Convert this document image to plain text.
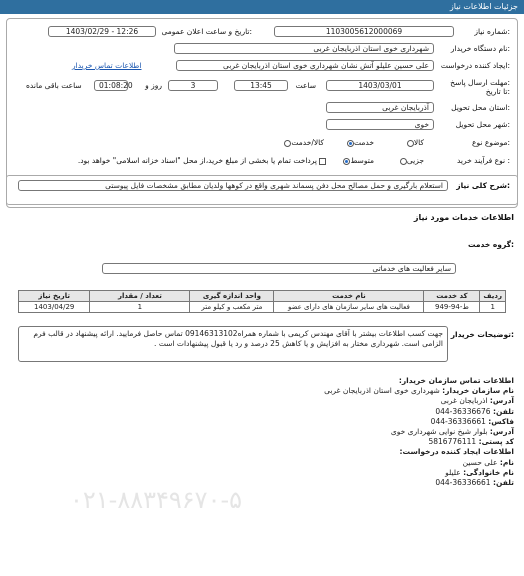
جزئیات اطلاعات نیاز
شماره نیاز:
1103005612000069
تاریخ و ساعت اعلان عمومی:
1403/02/29 - 12:26
نام دستگاه خریدار:
شهرداری خوی استان اذربایجان غربی
ایجاد کننده درخواست:
علی حسین علیلو آتش نشان شهرداری خوی استان اذربایجان غربی
اطلاعات تماس خریدار
مهلت ارسال پاسخ:
تا تاریخ:
1403/03/01
ساعت
13:45
3
روز و
01:08:20
ساعت باقی مانده
استان محل تحویل:
آذربایجان غربی
شهر محل تحویل:
خوی
موضوع نوع:
کالا
خدمت
کالا/خدمت
نوع فرآیند خرید :
جزیی
متوسط
پرداخت تمام یا بخشی از مبلغ خرید،از محل "اسناد خزانه اسلامی" خواهد بود.
شرح کلی نیاز:
استعلام بارگیری و حمل مصالح محل دفن پسماند شهری واقع در کوهها ولدیان مطابق مشخصات فایل پیوستی
اطلاعات خدمات مورد نیاز
گروه خدمت:
سایر فعالیت های خدماتی
ردیف	کد خدمت	نام خدمت	واحد اندازه گیری	تعداد / مقدار	تاریخ نیاز
1	ط-94-949	فعالیت های سایر سازمان های دارای عضو	متر مکعب و کیلو متر	1	1403/04/29
توضیحات خریدار:
جهت کسب اطلاعات بیشتر با آقای مهندس کریمی با شماره همراه09146313102 تماس حاصل فرمایید. ارائه پیشنهاد در قالب فرم الزامی است. شهرداری مختار به افزایش و یا کاهش 25 درصد و رد یا قبول پیشنهادات است .
اطلاعات تماس سازمان خریدار:
نام سازمان خریدار: شهرداری خوی استان اذربایجان غربی
آدرس: اذربایجان غربی
تلفن: 36336676-044
فاکس: 36336661-044
آدرس: بلوار شیخ نوایی شهرداری خوی
کد پستی: 5816776111
اطلاعات ایجاد کننده درخواست:
نام: علی حسین
نام خانوادگی: علیلو
تلفن: 36336661-044
۰۲۱-۸۸۳۴۹۶۷۰-۵
